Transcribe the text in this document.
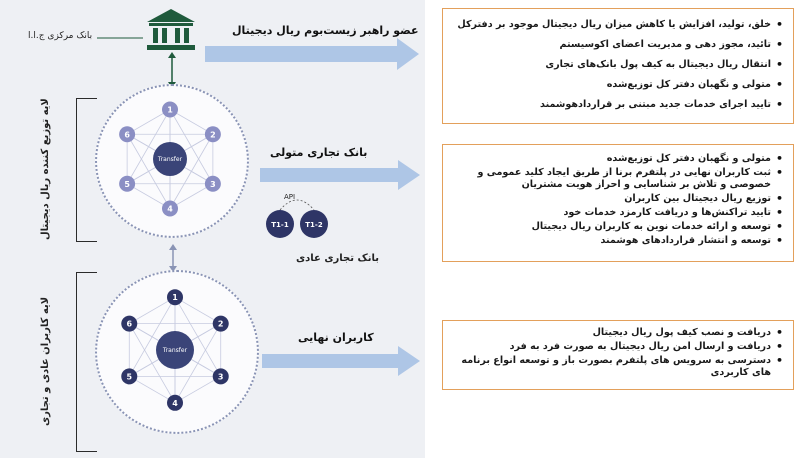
بانک مرکزی ج.ا.ا
لایه توزیع کننده ریال دیجیتال
لایه کاربران عادی و تجاری
Transfer
1
2
3
4
5
6
Transfer
1
2
3
4
5
6
T1-1 T1-2
API
بانک تجاری عادی
عضو راهبر زیست‌بوم ریال دیجیتال
بانک تجاری متولی
کاربران نهایی
• خلق، تولید، افزایش یا کاهش میزان ریال دیجیتال موجود بر دفترکل
• تائید، مجوز دهی و مدیریت اعضای اکوسیستم
• انتقال ریال دیجیتال به کیف پول بانک‌های تجاری
• متولی و نگهبان دفتر کل توزیع‌شده
• تایید اجرای خدمات جدید مبتنی بر قراردادهوشمند
• متولی و نگهبان دفتر کل توزیع‌شده
• ثبت کاربران نهایی در پلتفرم برنا از طریق ایجاد کلید عمومی و خصوصی و تلاش بر شناسایی و احراز هویت مشتریان
• توزیع ریال دیجیتال بین کاربران
• تایید تراکنش‌ها و دریافت کارمزد خدمات خود
• توسعه و ارائه خدمات نوین به کاربران ریال دیجیتال
• توسعه و انتشار قراردادهای هوشمند
• دریافت و نصب کیف پول ریال دیجیتال
• دریافت و ارسال امن ریال دیجیتال به صورت فرد به فرد
• دسترسی به سرویس های پلتفرم بصورت باز و توسعه انواع برنامه های کاربردی
